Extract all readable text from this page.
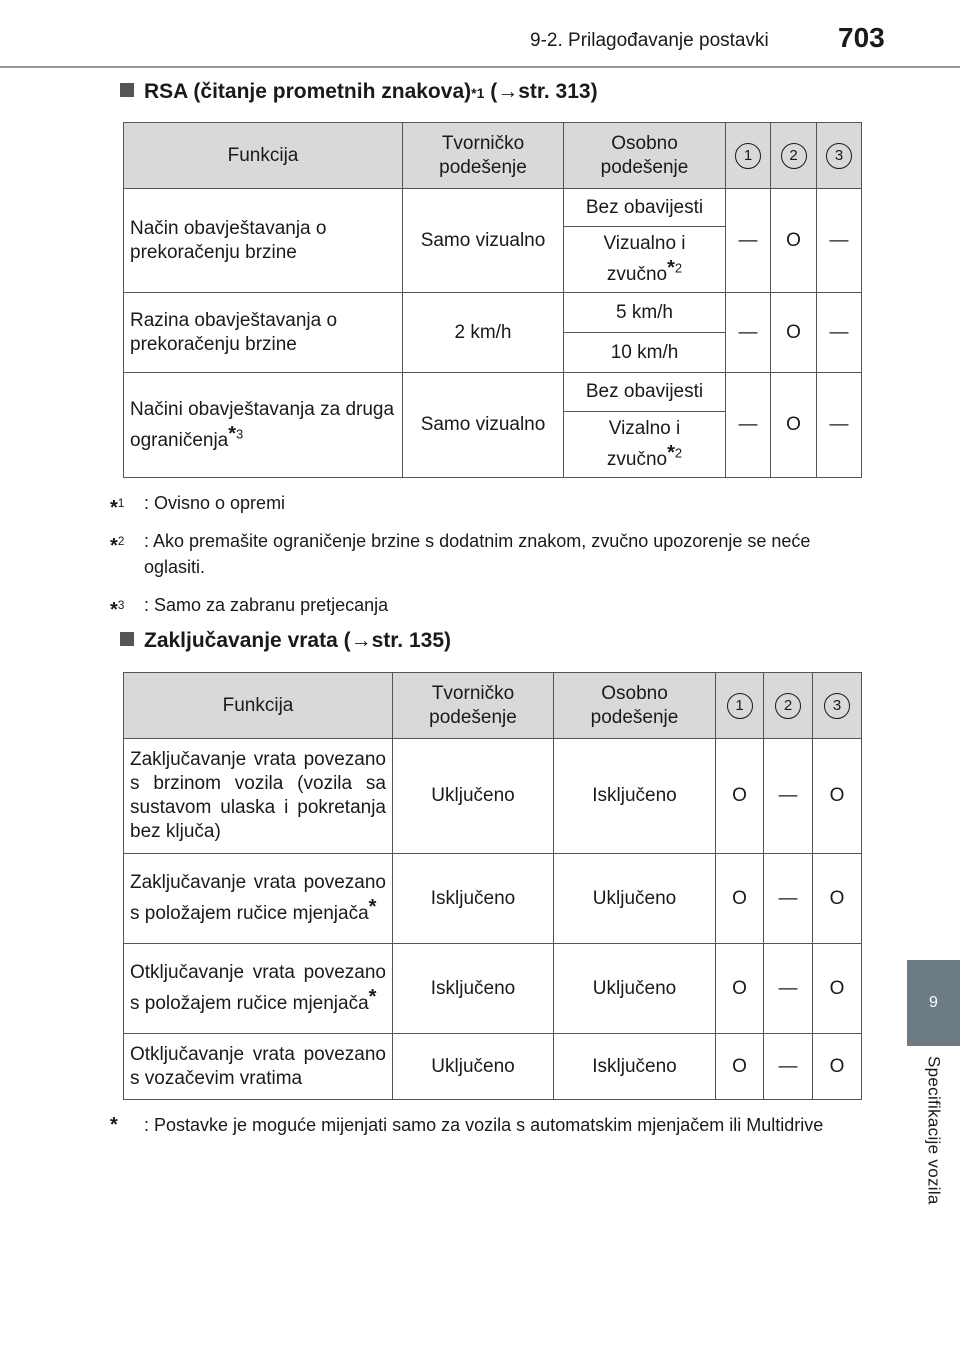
9-2. Prilagođavanje postavki	703
9
Specifikacije vozila
RSA (čitanje prometnih znakova) *1
(→str. 313)
Funkcija	Tvorničko podešenje	Osobno podešenje	1	2	3
Način obavještavanja o prekoračenju brzine	Samo vizualno	Bez obavijesti	—	O	—
		Vizualno i zvučno*$^2$
Razina obavještavanja o prekoračenju brzine	2 km/h	5 km/h	—	O	—
		10 km/h			
Načini obavještavanja za druga ograničenja*$^3$	Samo vizualno	Bez obavijesti	—	O	—
		Vizalno i zvučno*$^2$
*$^1$	: Ovisno o opremi
*$^2$	: Ako premašite ograničenje brzine s dodatnim znakom, zvučno upozorenje se neće oglasiti.
*$^3$	: Samo za zabranu pretjecanja
Zaključavanje vrata
(→str. 135)
Funkcija	Tvorničko podešenje	Osobno podešenje	1	2	3
Zaključavanje vrata povezano s brzinom vozila (vozila sa sustavom ulaska i pokretanja bez ključa)	Uključeno	Isključeno	O	—	O
Zaključavanje vrata povezano s položajem ručice mjenjača*	Isključeno	Uključeno	O	—	O
Otključavanje vrata povezano s položajem ručice mjenjača*	Isključeno	Uključeno	O	—	O
Otključavanje vrata povezano s vozačevim vratima	Uključeno	Isključeno	O	—	O
*	: Postavke je moguće mijenjati samo za vozila s automatskim mjenjačem ili Multidrive
